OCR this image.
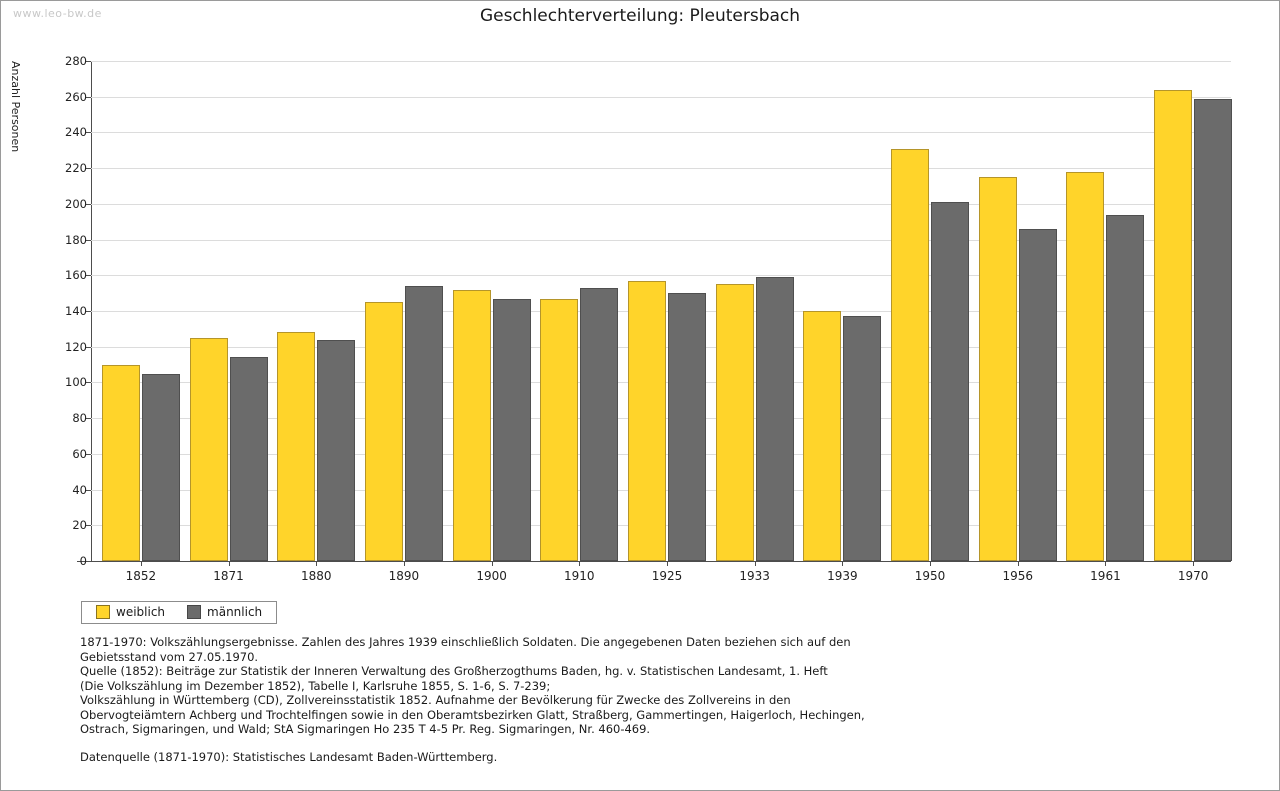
www.leo-bw.de	Geschlechterverteilung: Pleutersbach
Anzahl Personen
0
20
40
60
80
100
120
140
160
180
200
220
240
260
280
1852	1871	1880	1890	1900	1910	1925	1933	1939	1950	1956	1961	1970
weiblich	männlich

1871-1970: Volkszählungsergebnisse. Zahlen des Jahres 1939 einschließlich Soldaten. Die angegebenen Daten beziehen sich auf den

Gebietsstand vom 27.05.1970.

Quelle (1852): Beiträge zur Statistik der Inneren Verwaltung des Großherzogthums Baden, hg. v. Statistischen Landesamt, 1. Heft

(Die Volkszählung im Dezember 1852), Tabelle I, Karlsruhe 1855, S. 1-6, S. 7-239;

Volkszählung in Württemberg (CD), Zollvereinsstatistik 1852. Aufnahme der Bevölkerung für Zwecke des Zollvereins in den

Obervogteiämtern Achberg und Trochtelfingen sowie in den Oberamtsbezirken Glatt, Straßberg, Gammertingen, Haigerloch, Hechingen,

Ostrach, Sigmaringen, und Wald; StA Sigmaringen Ho 235 T 4-5 Pr. Reg. Sigmaringen, Nr. 460-469.

Datenquelle (1871-1970): Statistisches Landesamt Baden-Württemberg.
